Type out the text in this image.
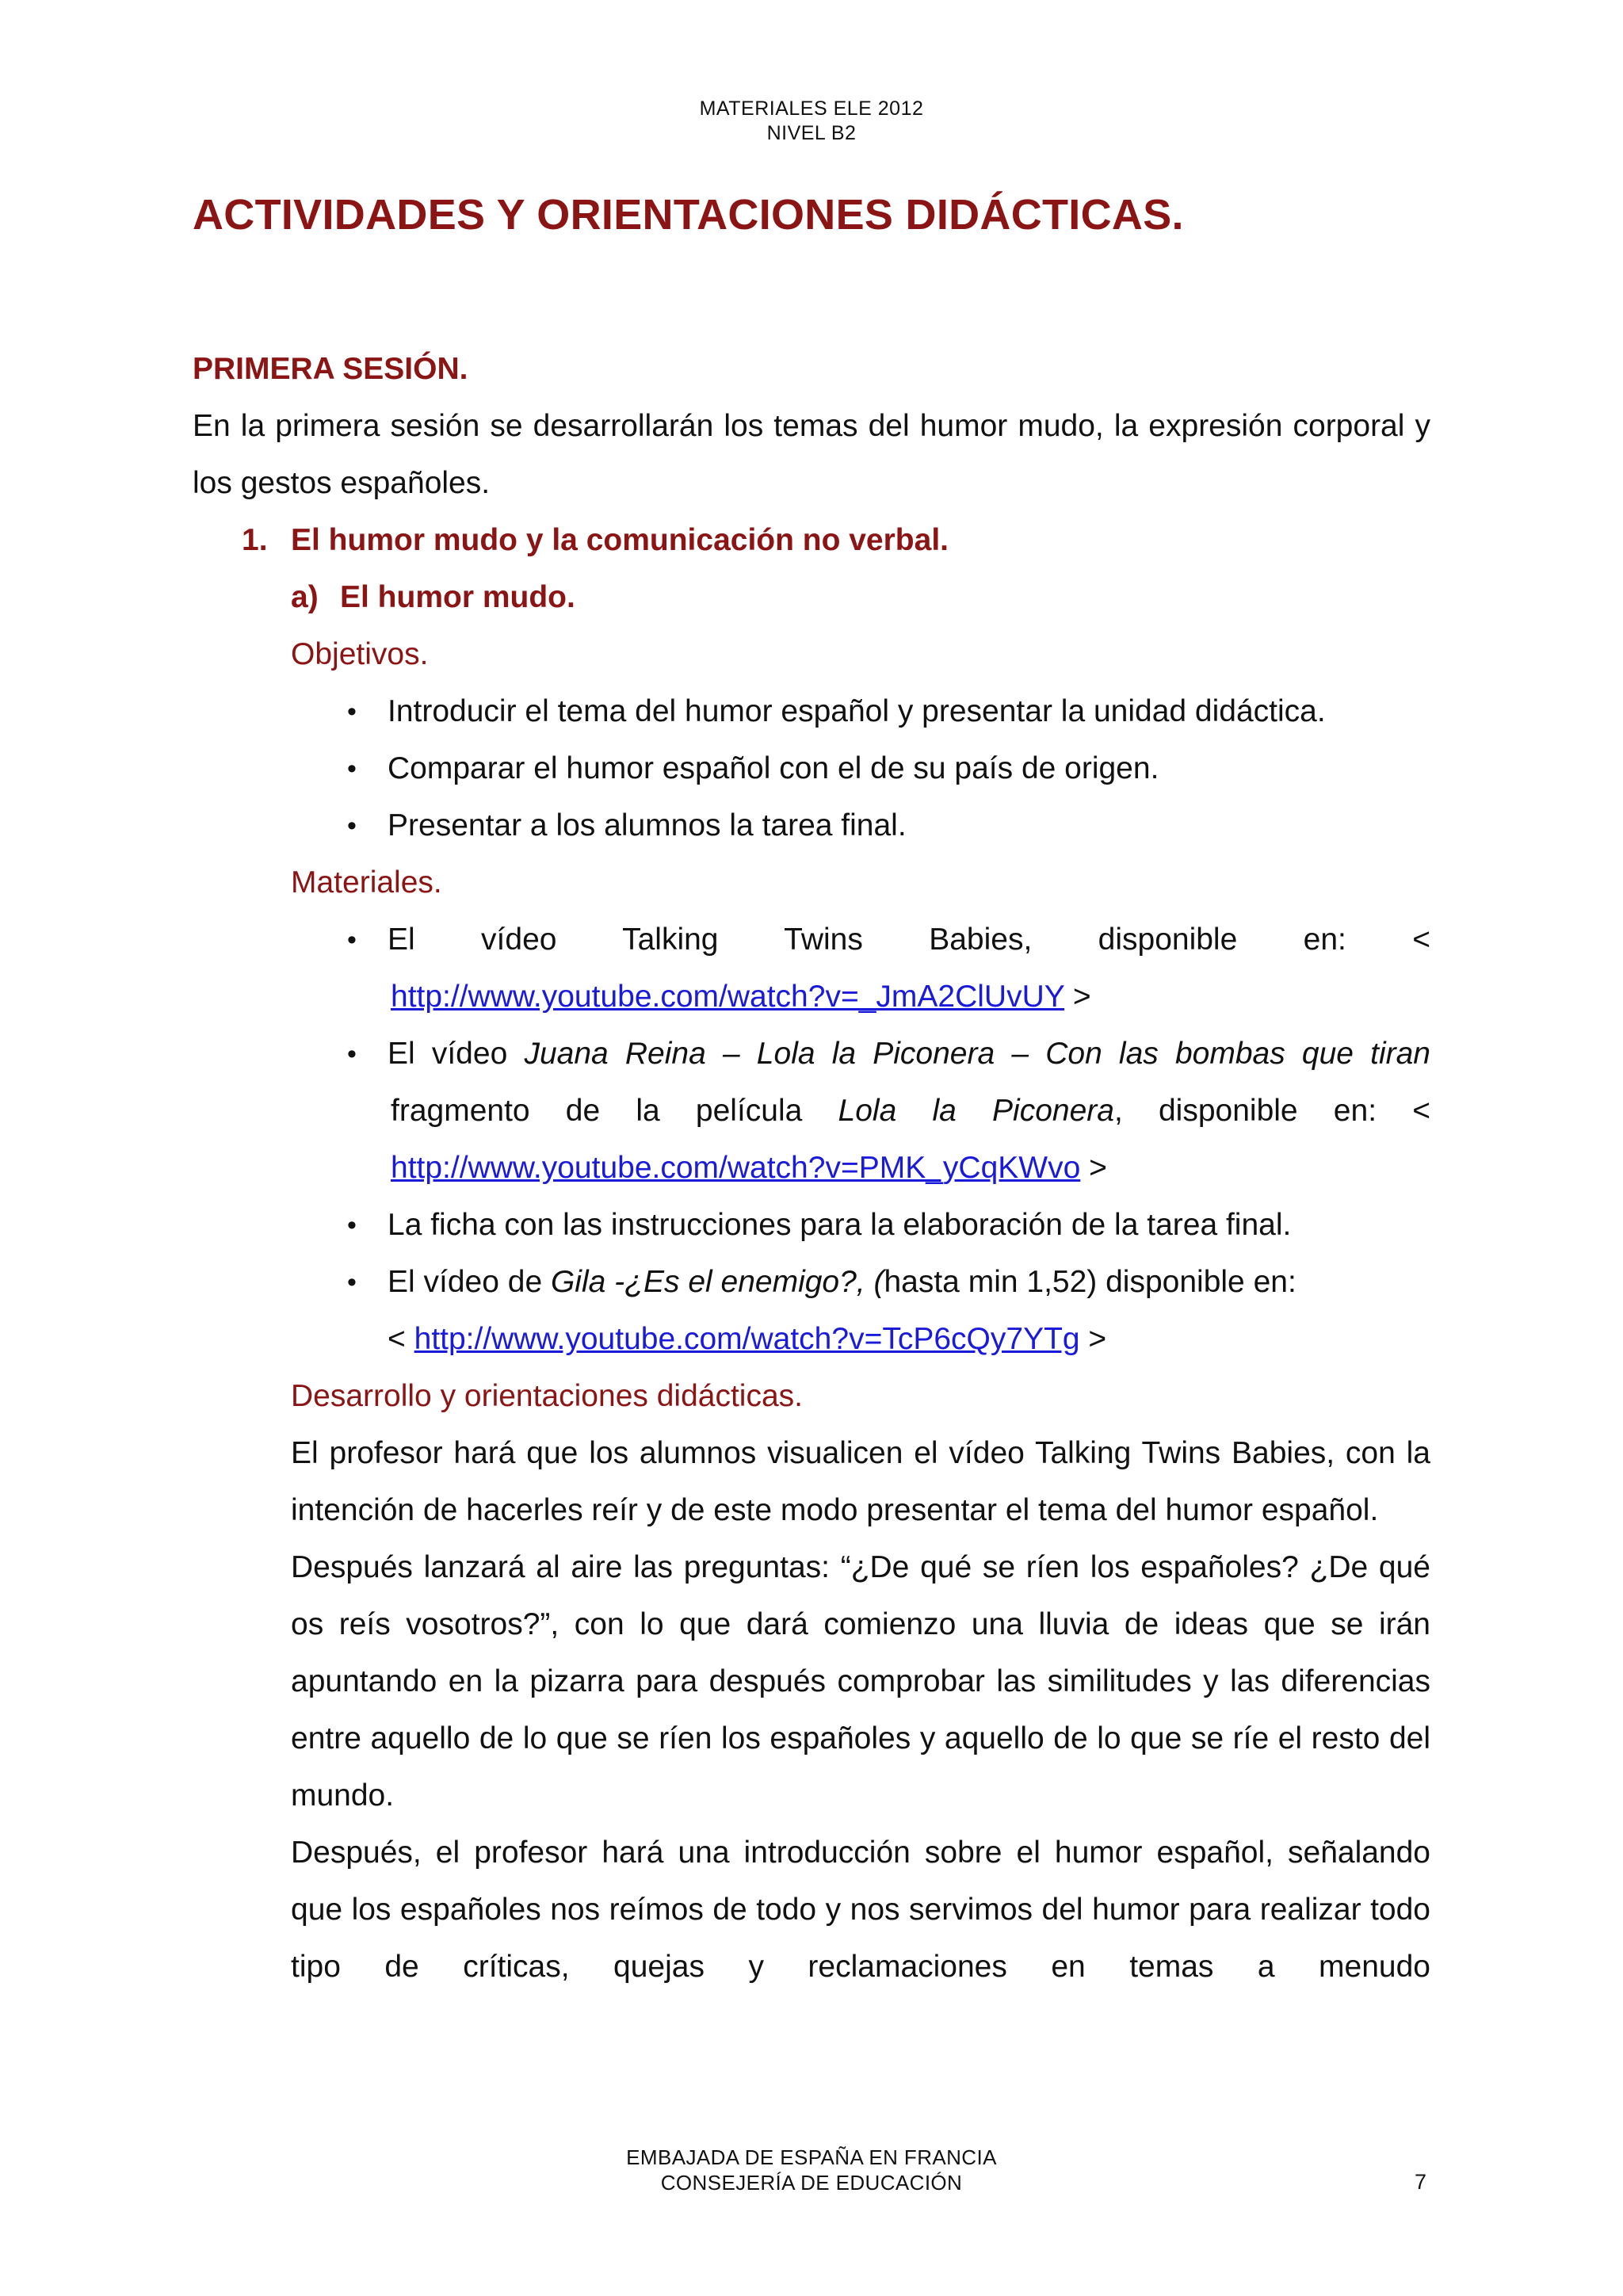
MATERIALES ELE 2012
NIVEL B2
ACTIVIDADES Y ORIENTACIONES DIDÁCTICAS.
PRIMERA SESIÓN.
En la primera sesión se desarrollarán los temas del humor mudo, la expresión corporal y los gestos españoles.
1. El humor mudo y la comunicación no verbal.
a) El humor mudo.
Objetivos.
• Introducir el tema del humor español y presentar la unidad didáctica.
• Comparar el humor español con el de su país de origen.
• Presentar a los alumnos la tarea final.
Materiales.
• El vídeo Talking Twins Babies, disponible en: <
http://www.youtube.com/watch?v=_JmA2ClUvUY >
• El vídeo Juana Reina – Lola la Piconera – Con las bombas que tiran
fragmento de la película Lola la Piconera, disponible en: <
http://www.youtube.com/watch?v=PMK_yCqKWvo >
• La ficha con las instrucciones para la elaboración de la tarea final.
• El vídeo de Gila -¿Es el enemigo?, (hasta min 1,52) disponible en:
< http://www.youtube.com/watch?v=TcP6cQy7YTg >
Desarrollo y orientaciones didácticas.
El profesor hará que los alumnos visualicen el vídeo Talking Twins Babies, con la intención de hacerles reír y de este modo presentar el tema del humor español.
Después lanzará al aire las preguntas: “¿De qué se ríen los españoles? ¿De qué os reís vosotros?”, con lo que dará comienzo una lluvia de ideas que se irán apuntando en la pizarra para después comprobar las similitudes y las diferencias entre aquello de lo que se ríen los españoles y aquello de lo que se ríe el resto del mundo.
Después, el profesor hará una introducción sobre el humor español, señalando que los españoles nos reímos de todo y nos servimos del humor para realizar todo tipo de críticas, quejas y reclamaciones en temas a menudo
EMBAJADA DE ESPAÑA EN FRANCIA
CONSEJERÍA DE EDUCACIÓN	7
